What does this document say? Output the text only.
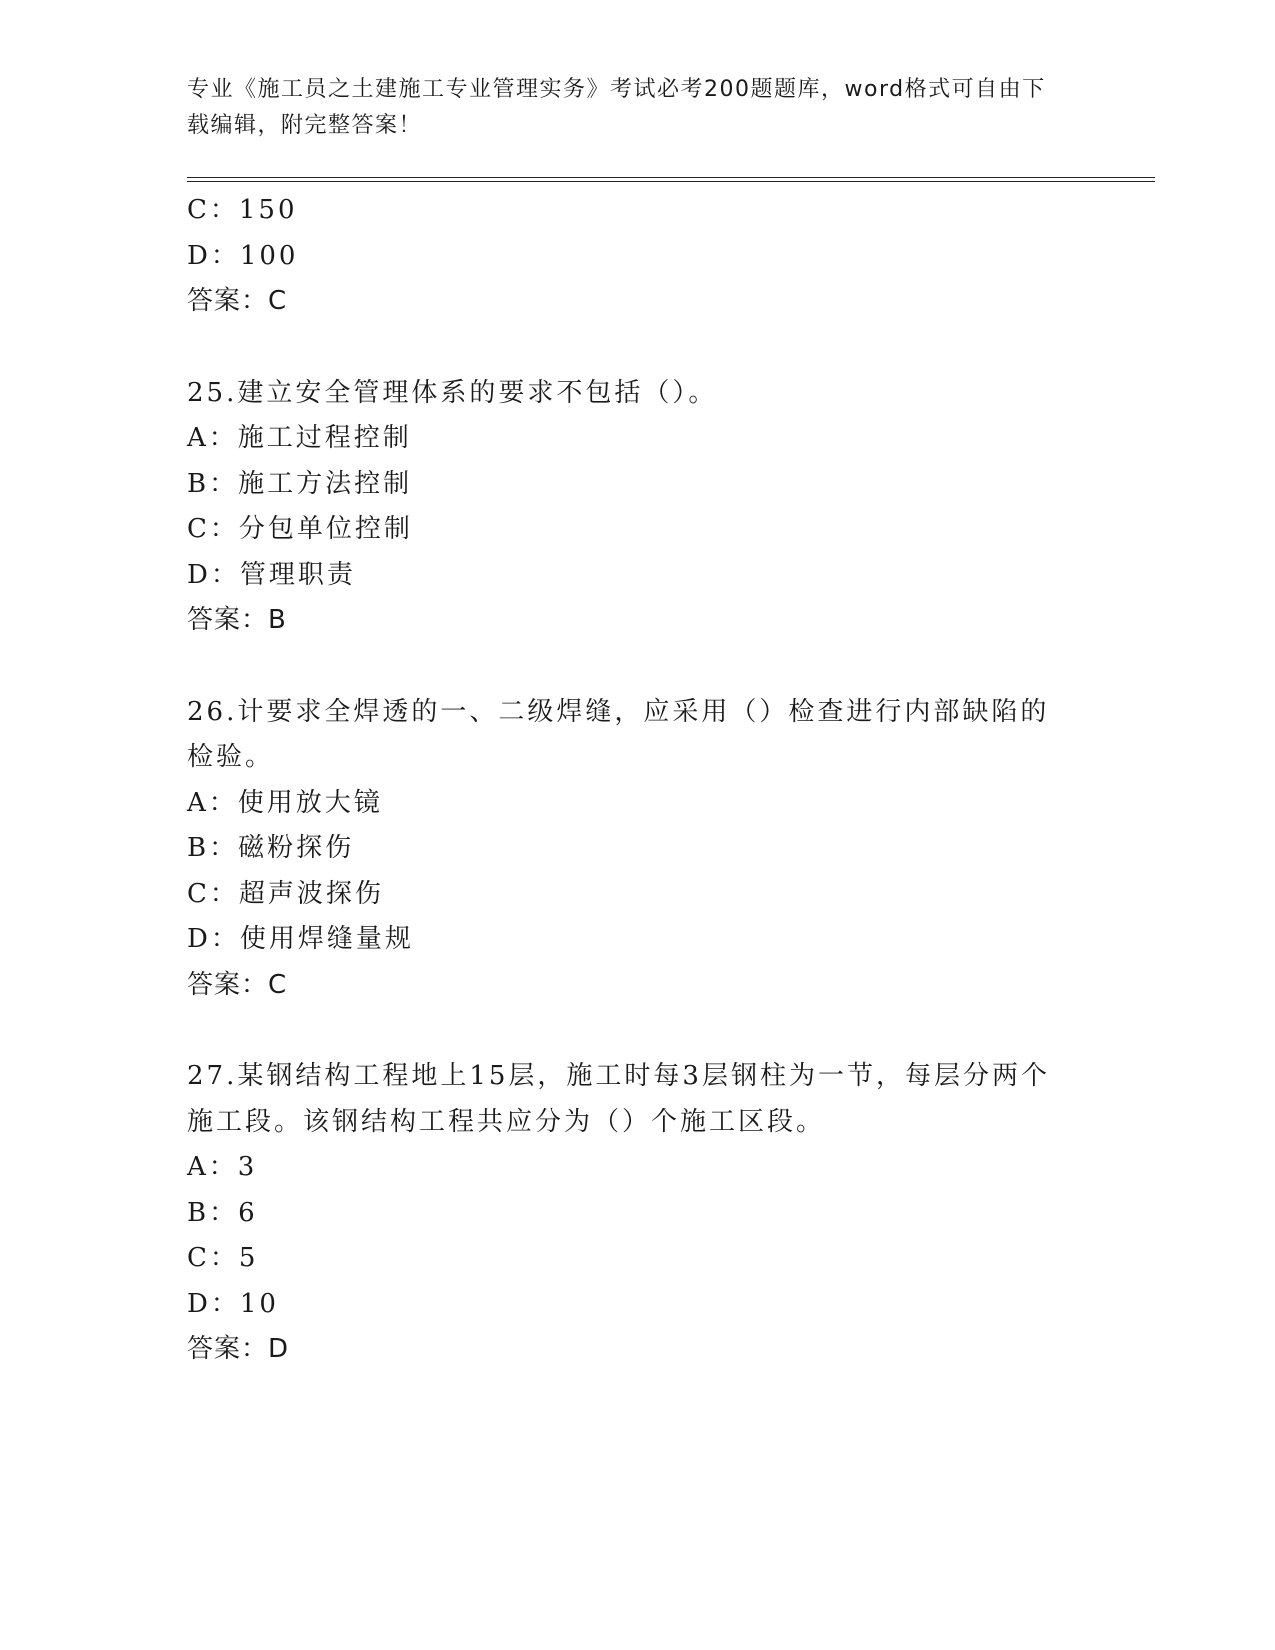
专业《施工员之土建施工专业管理实务》考试必考200题题库，word格式可自由下载编辑，附完整答案！
C：150
D：100
答案：C
25.建立安全管理体系的要求不包括（）。
A：施工过程控制
B：施工方法控制
C：分包单位控制
D：管理职责
答案：B
26.计要求全焊透的一、二级焊缝，应采用（）检查进行内部缺陷的检验。
A：使用放大镜
B：磁粉探伤
C：超声波探伤
D：使用焊缝量规
答案：C
27.某钢结构工程地上15层，施工时每3层钢柱为一节，每层分两个施工段。该钢结构工程共应分为（）个施工区段。
A：3
B：6
C：5
D：10
答案：D
